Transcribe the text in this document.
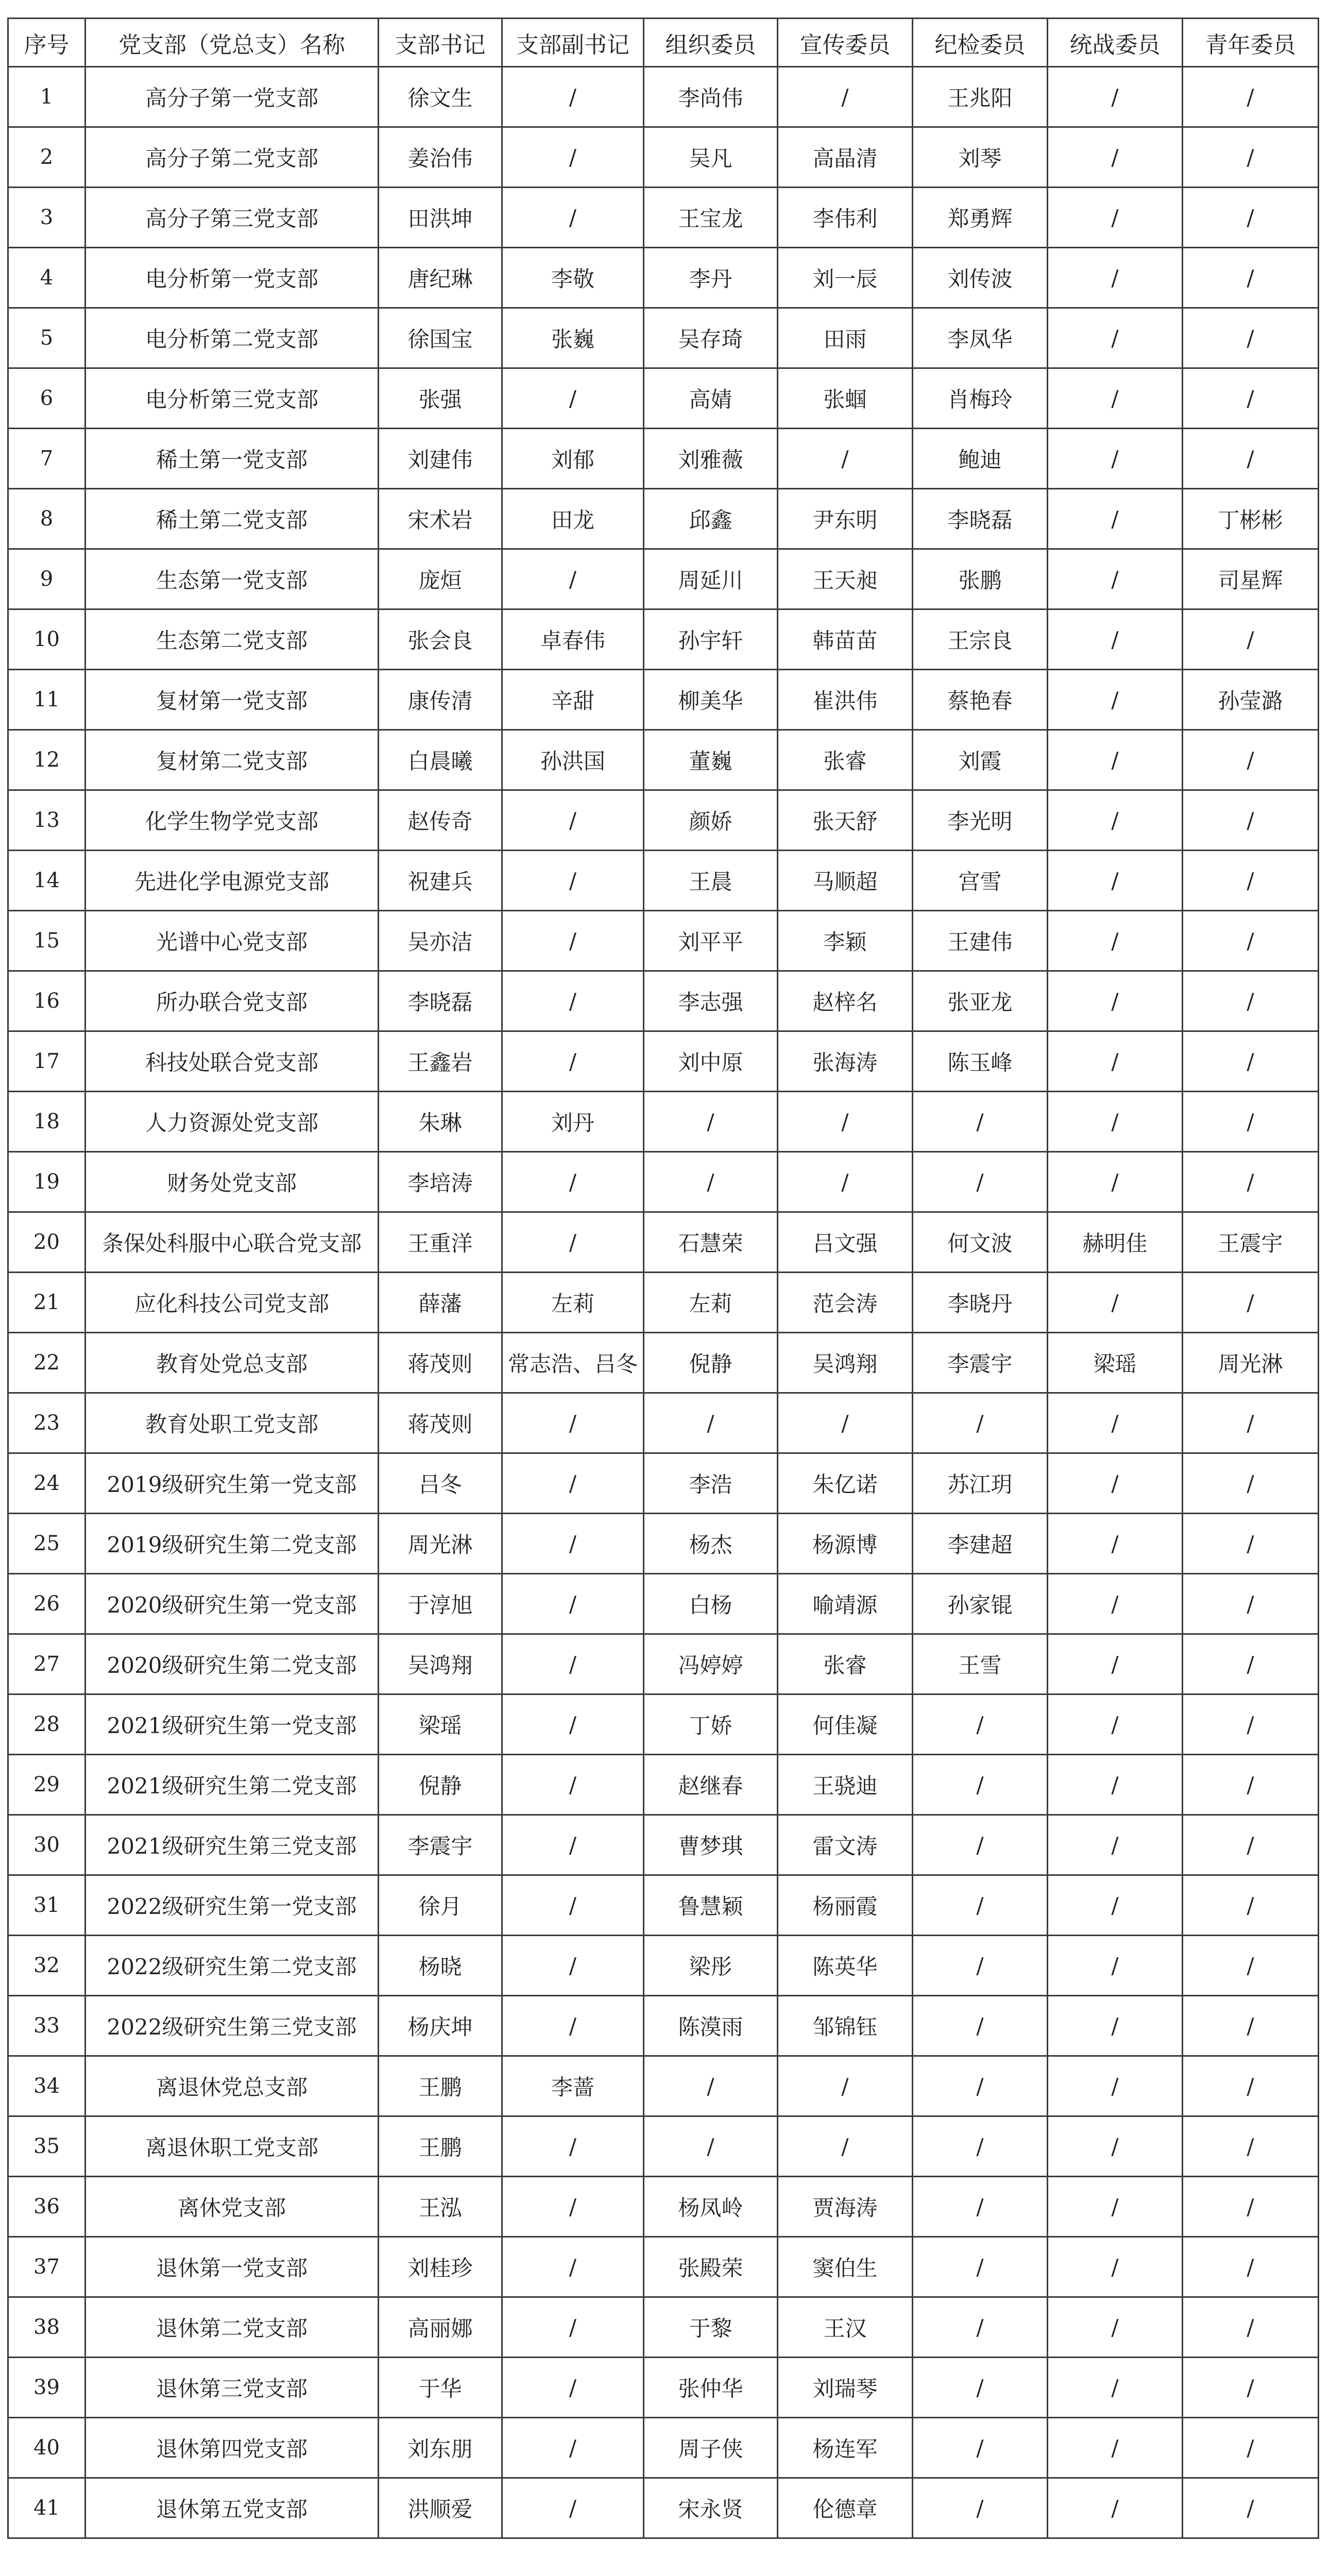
序号	党支部（党总支）名称	支部书记	支部副书记	组织委员	宣传委员	纪检委员	统战委员	青年委员
1	高分子第一党支部	徐文生	/	李尚伟	/	王兆阳	/	/
2	高分子第二党支部	姜治伟	/	吴凡	高晶清	刘琴	/	/
3	高分子第三党支部	田洪坤	/	王宝龙	李伟利	郑勇辉	/	/
4	电分析第一党支部	唐纪琳	李敬	李丹	刘一辰	刘传波	/	/
5	电分析第二党支部	徐国宝	张巍	吴存琦	田雨	李凤华	/	/
6	电分析第三党支部	张强	/	高婧	张蝈	肖梅玲	/	/
7	稀土第一党支部	刘建伟	刘郁	刘雅薇	/	鲍迪	/	/
8	稀土第二党支部	宋术岩	田龙	邱鑫	尹东明	李晓磊	/	丁彬彬
9	生态第一党支部	庞烜	/	周延川	王天昶	张鹏	/	司星辉
10	生态第二党支部	张会良	卓春伟	孙宇轩	韩苗苗	王宗良	/	/
11	复材第一党支部	康传清	辛甜	柳美华	崔洪伟	蔡艳春	/	孙莹潞
12	复材第二党支部	白晨曦	孙洪国	董巍	张睿	刘霞	/	/
13	化学生物学党支部	赵传奇	/	颜娇	张天舒	李光明	/	/
14	先进化学电源党支部	祝建兵	/	王晨	马顺超	宫雪	/	/
15	光谱中心党支部	吴亦洁	/	刘平平	李颖	王建伟	/	/
16	所办联合党支部	李晓磊	/	李志强	赵梓名	张亚龙	/	/
17	科技处联合党支部	王鑫岩	/	刘中原	张海涛	陈玉峰	/	/
18	人力资源处党支部	朱琳	刘丹	/	/	/	/	/
19	财务处党支部	李培涛	/	/	/	/	/	/
20	条保处科服中心联合党支部	王重洋	/	石慧荣	吕文强	何文波	赫明佳	王震宇
21	应化科技公司党支部	薛藩	左莉	左莉	范会涛	李晓丹	/	/
22	教育处党总支部	蒋茂则	常志浩、吕冬	倪静	吴鸿翔	李震宇	梁瑶	周光淋
23	教育处职工党支部	蒋茂则	/	/	/	/	/	/
24	2019级研究生第一党支部	吕冬	/	李浩	朱亿诺	苏江玥	/	/
25	2019级研究生第二党支部	周光淋	/	杨杰	杨源博	李建超	/	/
26	2020级研究生第一党支部	于淳旭	/	白杨	喻靖源	孙家锟	/	/
27	2020级研究生第二党支部	吴鸿翔	/	冯婷婷	张睿	王雪	/	/
28	2021级研究生第一党支部	梁瑶	/	丁娇	何佳凝	/	/	/
29	2021级研究生第二党支部	倪静	/	赵继春	王骁迪	/	/	/
30	2021级研究生第三党支部	李震宇	/	曹梦琪	雷文涛	/	/	/
31	2022级研究生第一党支部	徐月	/	鲁慧颖	杨丽霞	/	/	/
32	2022级研究生第二党支部	杨晓	/	梁彤	陈英华	/	/	/
33	2022级研究生第三党支部	杨庆坤	/	陈漠雨	邹锦钰	/	/	/
34	离退休党总支部	王鹏	李蔷	/	/	/	/	/
35	离退休职工党支部	王鹏	/	/	/	/	/	/
36	离休党支部	王泓	/	杨凤岭	贾海涛	/	/	/
37	退休第一党支部	刘桂珍	/	张殿荣	窦伯生	/	/	/
38	退休第二党支部	高丽娜	/	于黎	王汉	/	/	/
39	退休第三党支部	于华	/	张仲华	刘瑞琴	/	/	/
40	退休第四党支部	刘东朋	/	周子侠	杨连军	/	/	/
41	退休第五党支部	洪顺爱	/	宋永贤	伦德章	/	/	/
